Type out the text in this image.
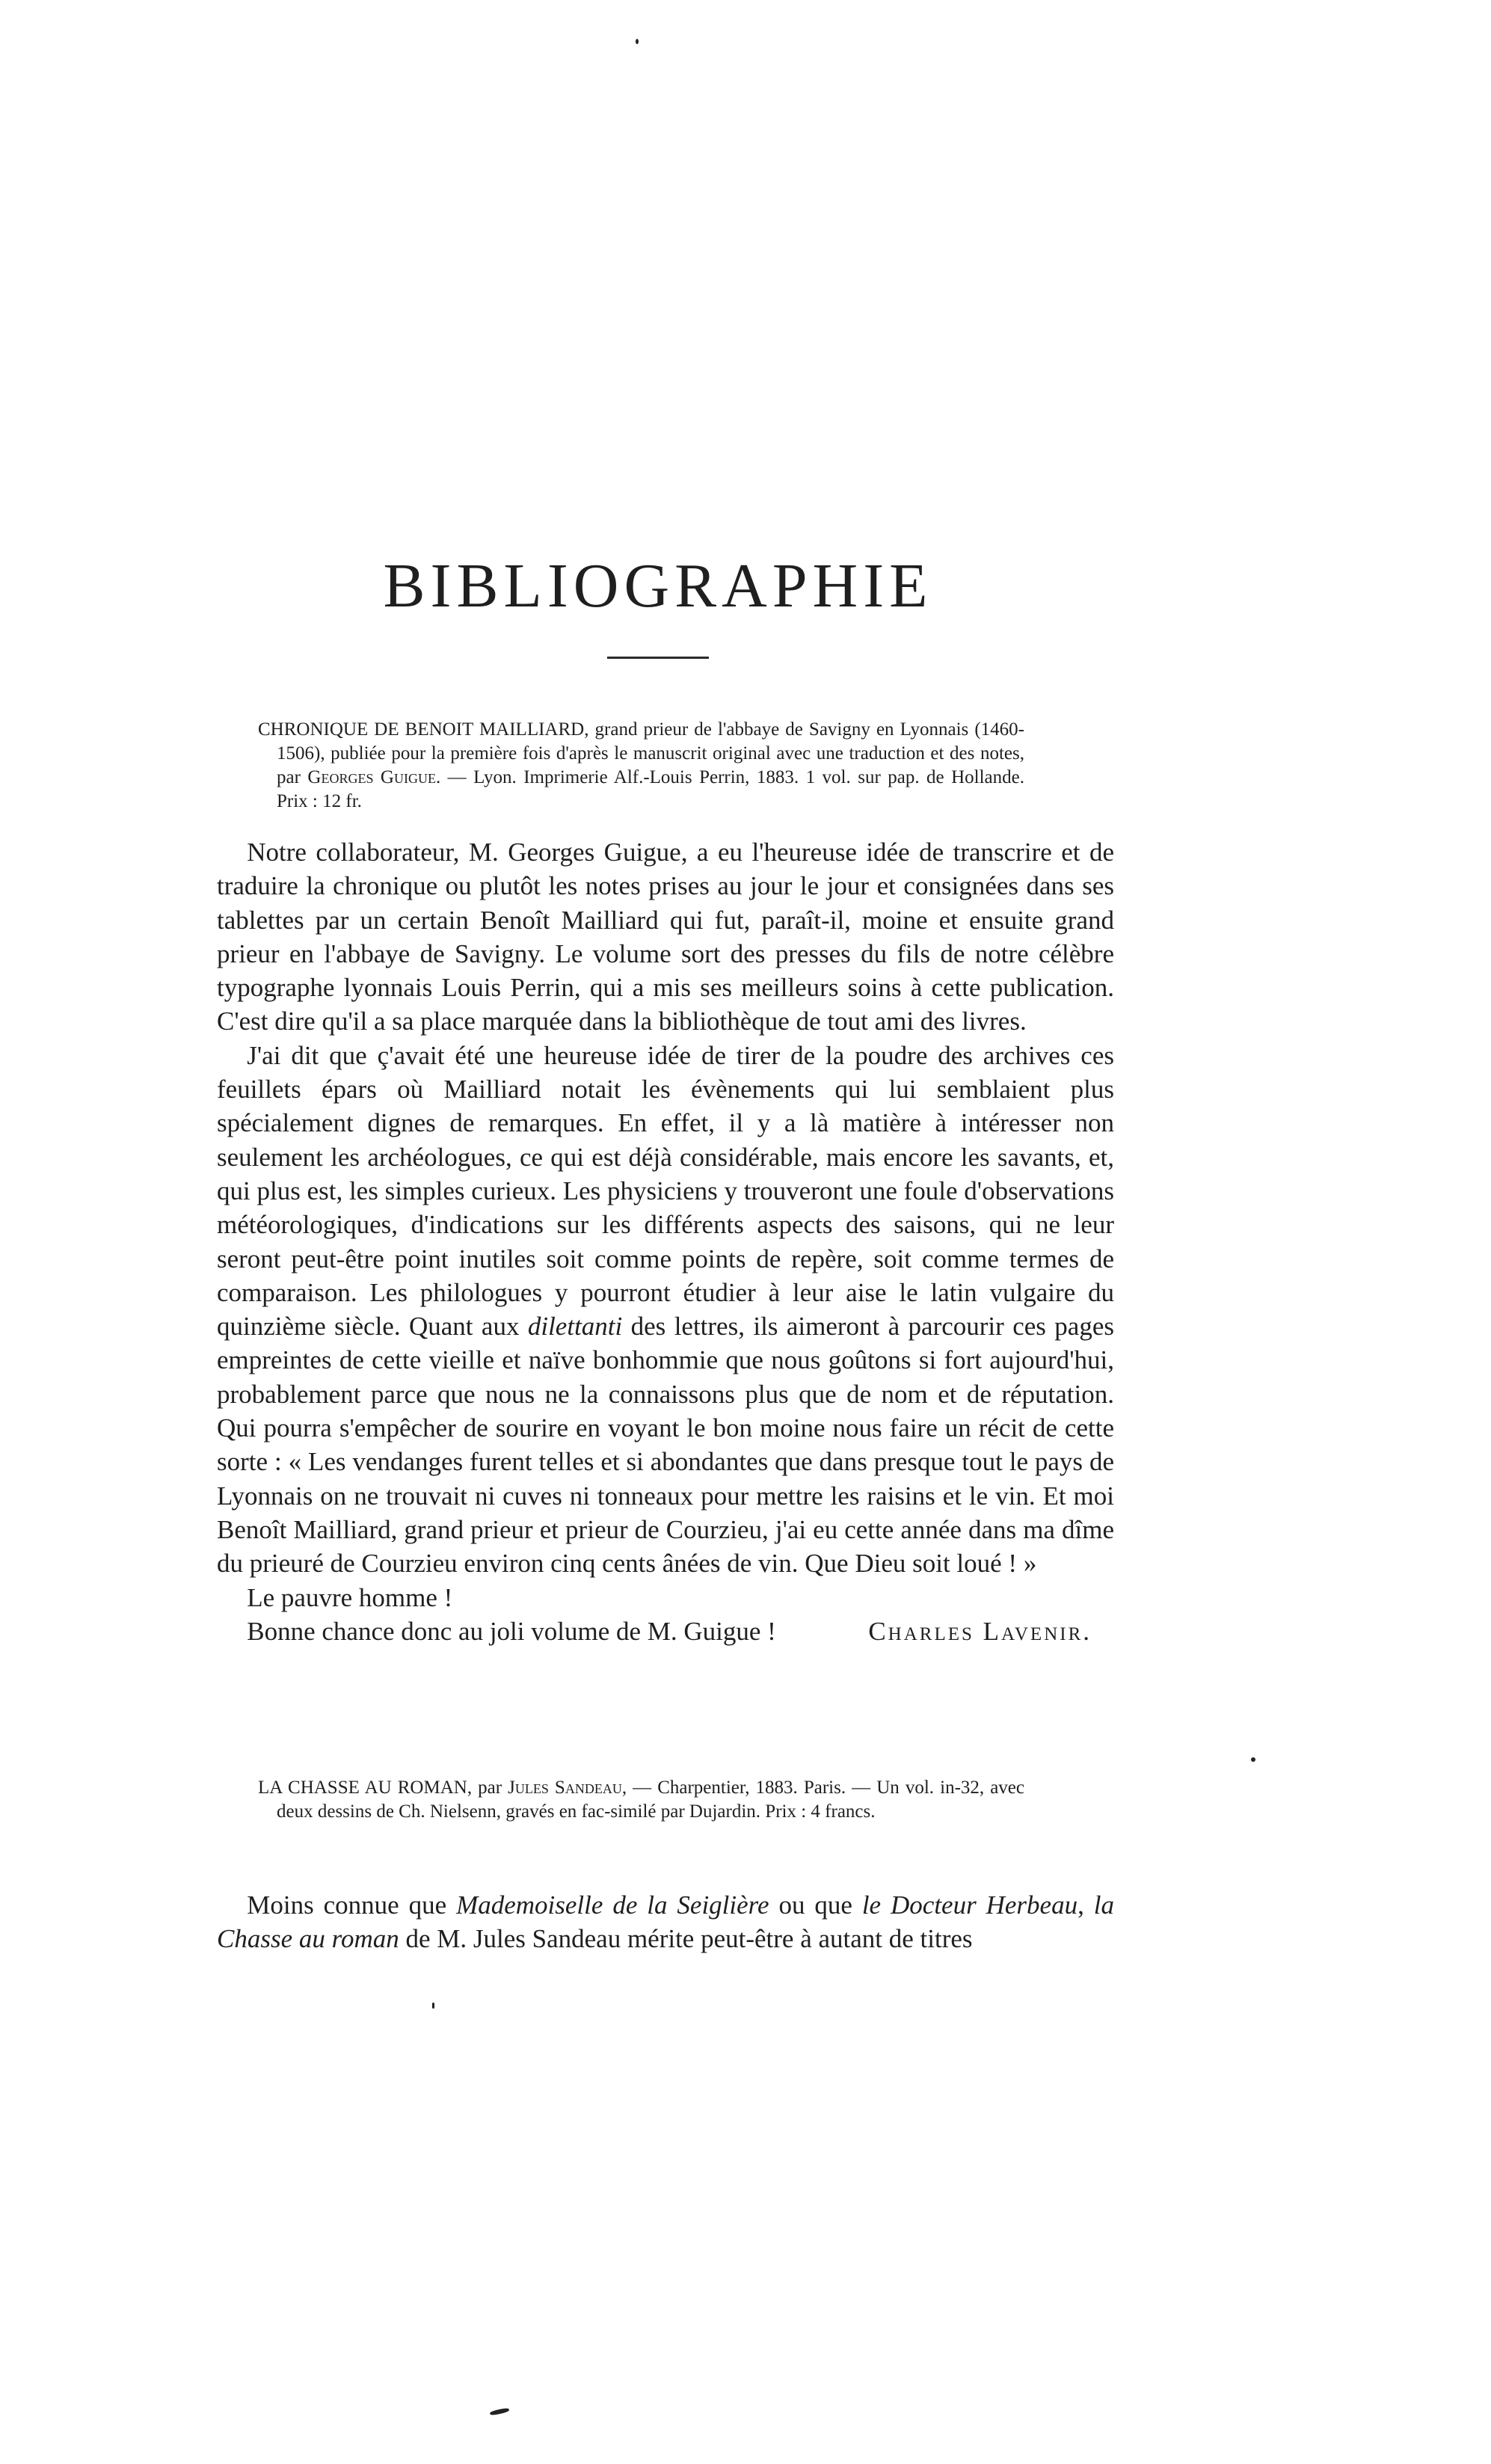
BIBLIOGRAPHIE

CHRONIQUE DE BENOIT MAILLIARD, grand prieur de l'abbaye de Savigny en Lyonnais (1460-1506), publiée pour la première fois d'après le manuscrit original avec une traduction et des notes, par Georges Guigue. — Lyon. Imprimerie Alf.-Louis Perrin, 1883. 1 vol. sur pap. de Hollande. Prix : 12 fr.

Notre collaborateur, M. Georges Guigue, a eu l'heureuse idée de transcrire et de traduire la chronique ou plutôt les notes prises au jour le jour et consignées dans ses tablettes par un certain Benoît Mailliard qui fut, paraît-il, moine et ensuite grand prieur en l'abbaye de Savigny. Le volume sort des presses du fils de notre célèbre typographe lyonnais Louis Perrin, qui a mis ses meilleurs soins à cette publication. C'est dire qu'il a sa place marquée dans la bibliothèque de tout ami des livres.

J'ai dit que ç'avait été une heureuse idée de tirer de la poudre des archives ces feuillets épars où Mailliard notait les évènements qui lui semblaient plus spécialement dignes de remarques. En effet, il y a là matière à intéresser non seulement les archéologues, ce qui est déjà considérable, mais encore les savants, et, qui plus est, les simples curieux. Les physiciens y trouveront une foule d'observations météorologiques, d'indications sur les différents aspects des saisons, qui ne leur seront peut-être point inutiles soit comme points de repère, soit comme termes de comparaison. Les philologues y pourront étudier à leur aise le latin vulgaire du quinzième siècle. Quant aux dilettanti des lettres, ils aimeront à parcourir ces pages empreintes de cette vieille et naïve bonhommie que nous goûtons si fort aujourd'hui, probablement parce que nous ne la connaissons plus que de nom et de réputation. Qui pourra s'empêcher de sourire en voyant le bon moine nous faire un récit de cette sorte : « Les vendanges furent telles et si abondantes que dans presque tout le pays de Lyonnais on ne trouvait ni cuves ni tonneaux pour mettre les raisins et le vin. Et moi Benoît Mailliard, grand prieur et prieur de Courzieu, j'ai eu cette année dans ma dîme du prieuré de Courzieu environ cinq cents ânées de vin. Que Dieu soit loué ! »

Le pauvre homme !

Bonne chance donc au joli volume de M. Guigue !	Charles Lavenir.

LA CHASSE AU ROMAN, par Jules Sandeau, — Charpentier, 1883. Paris. — Un vol. in-32, avec deux dessins de Ch. Nielsenn, gravés en fac-similé par Dujardin. Prix : 4 francs.

Moins connue que Mademoiselle de la Seiglière ou que le Docteur Herbeau, la Chasse au roman de M. Jules Sandeau mérite peut-être à autant de titres
